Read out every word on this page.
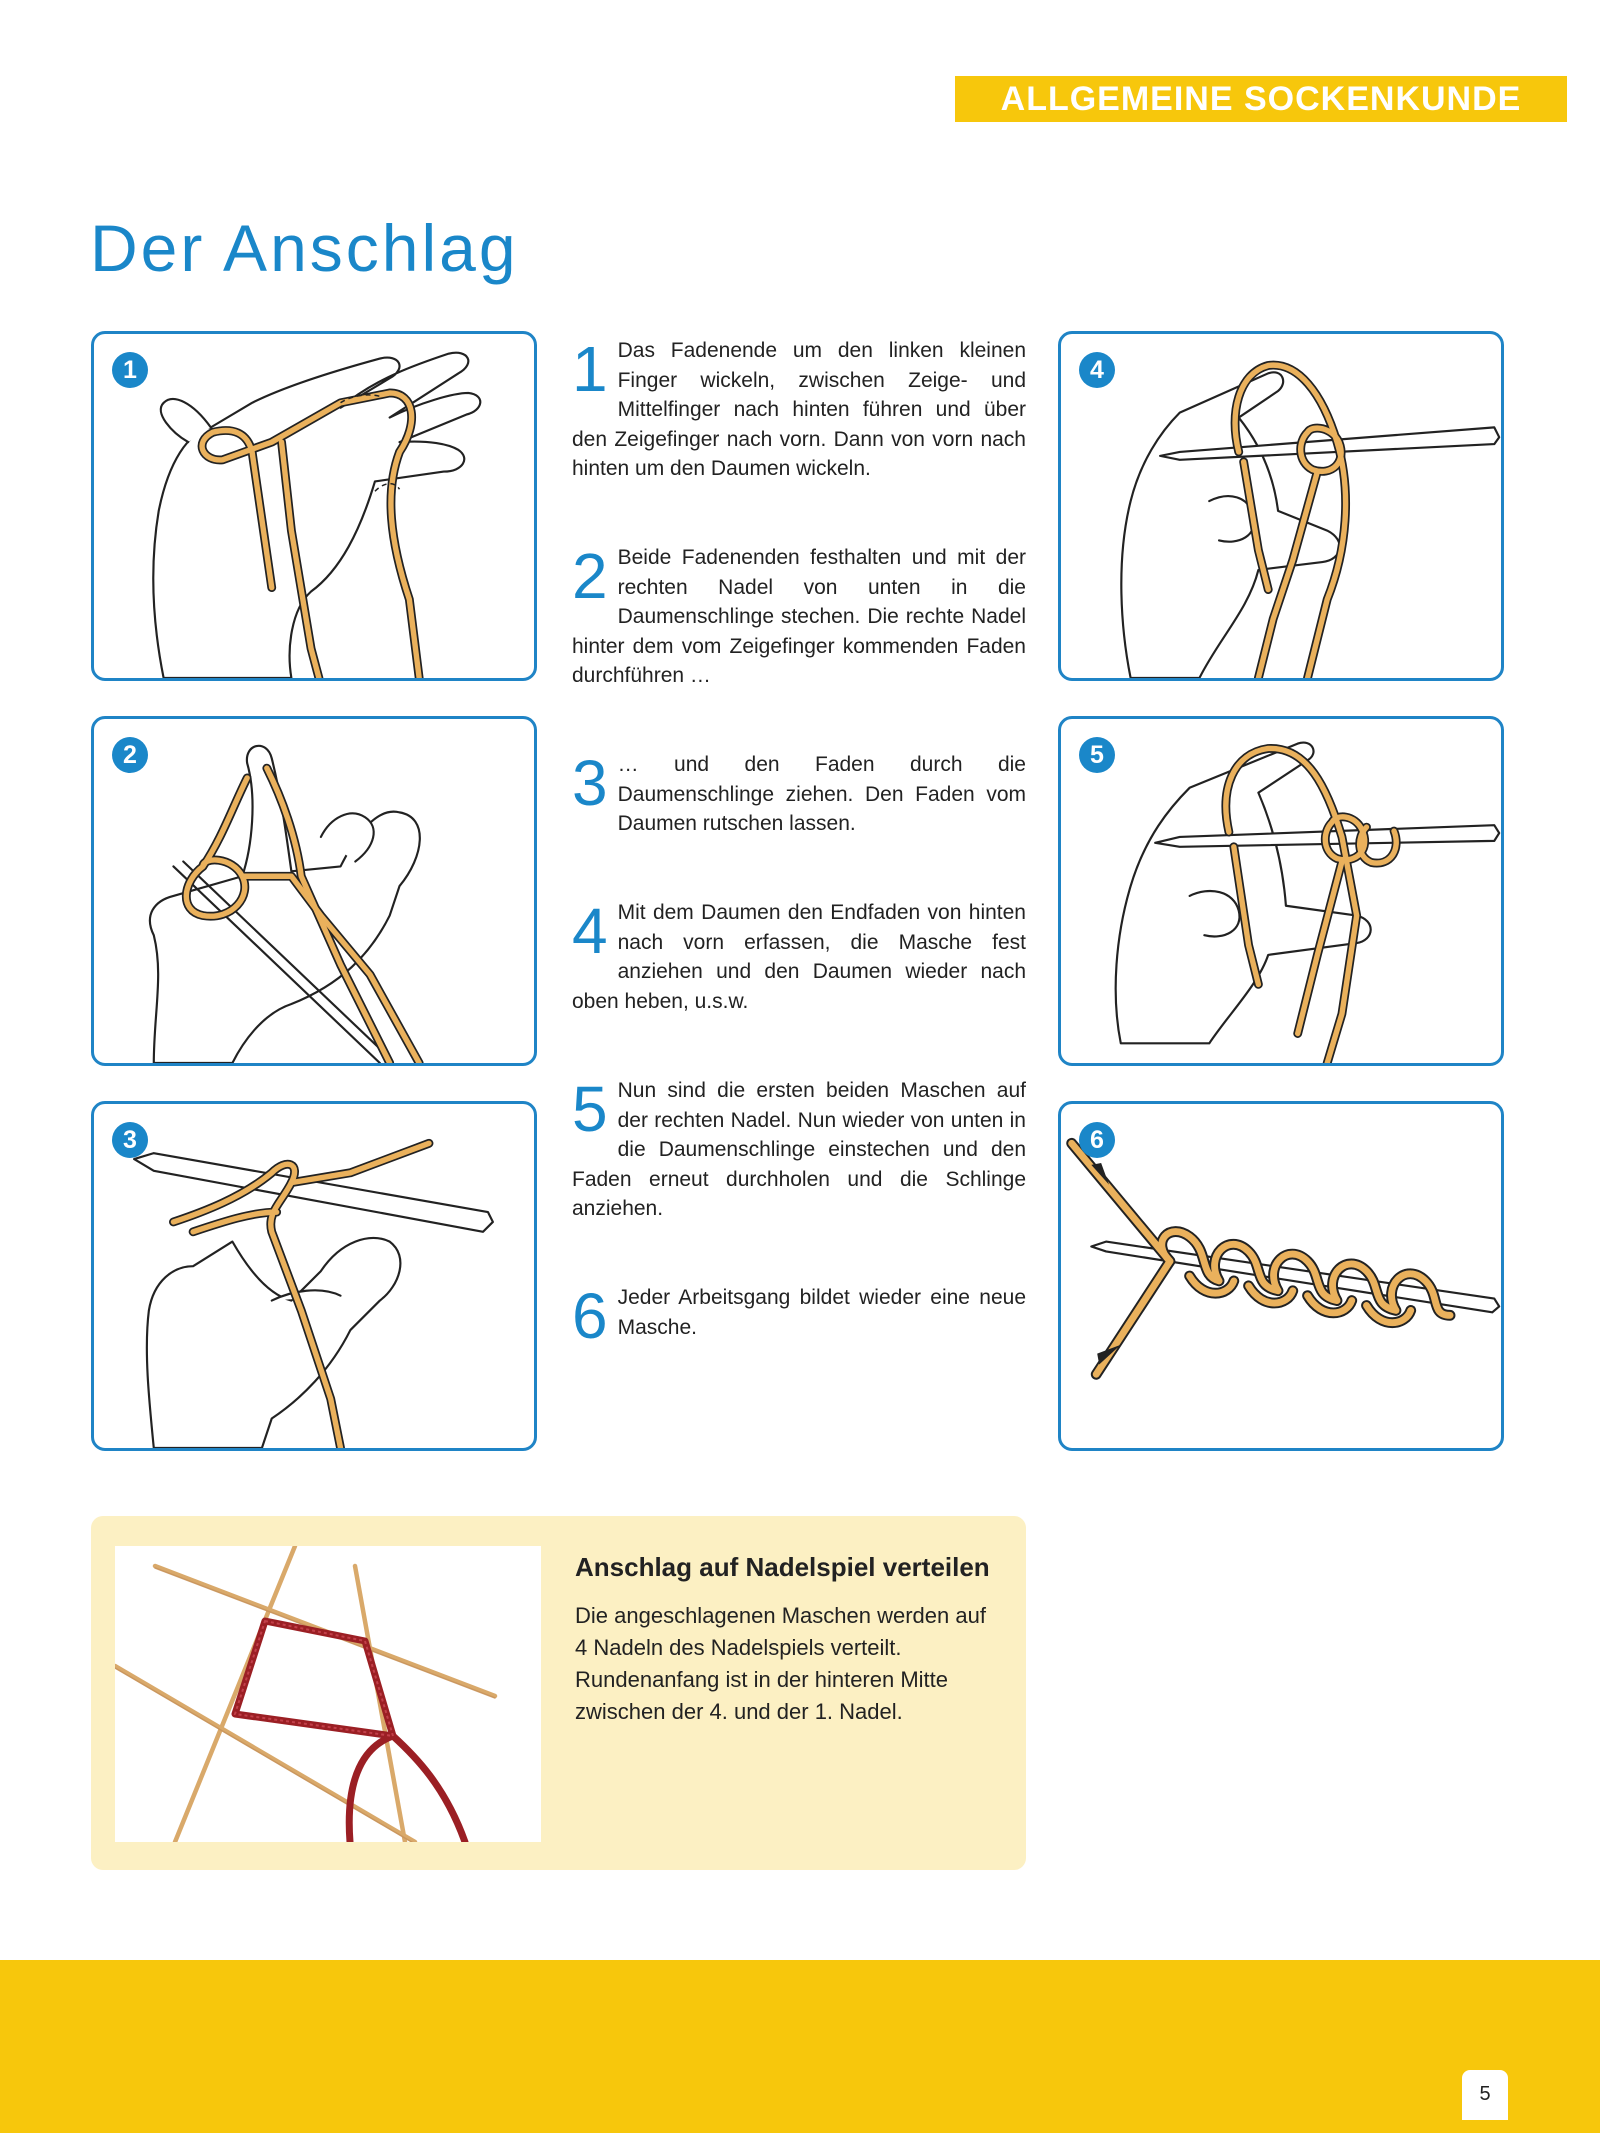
ALLGEMEINE SOCKENKUNDE
Der Anschlag
1
2
3
4
5
6
1 Das Fadenende um den linken kleinen Finger wickeln, zwischen Zeige- und Mittelfinger nach hinten führen und über den Zeigefinger nach vorn. Dann von vorn nach hinten um den Daumen wickeln.
2 Beide Fadenenden festhalten und mit der rechten Nadel von unten in die Daumenschlinge stechen. Die rechte Nadel hinter dem vom Zeigefinger kommenden Faden durchführen …
3 … und den Faden durch die Daumenschlinge ziehen. Den Faden vom Daumen rutschen lassen.
4 Mit dem Daumen den Endfaden von hinten nach vorn erfassen, die Masche fest anziehen und den Daumen wieder nach oben heben, u.s.w.
5 Nun sind die ersten beiden Maschen auf der rechten Nadel. Nun wieder von unten in die Daumenschlinge einstechen und den Faden erneut durchholen und die Schlinge anziehen.
6 Jeder Arbeitsgang bildet wieder eine neue Masche.
Anschlag auf Nadelspiel verteilen

Die angeschlagenen Maschen werden auf 4 Nadeln des Nadelspiels verteilt. Rundenanfang ist in der hinteren Mitte zwischen der 4. und der 1. Nadel.

5
